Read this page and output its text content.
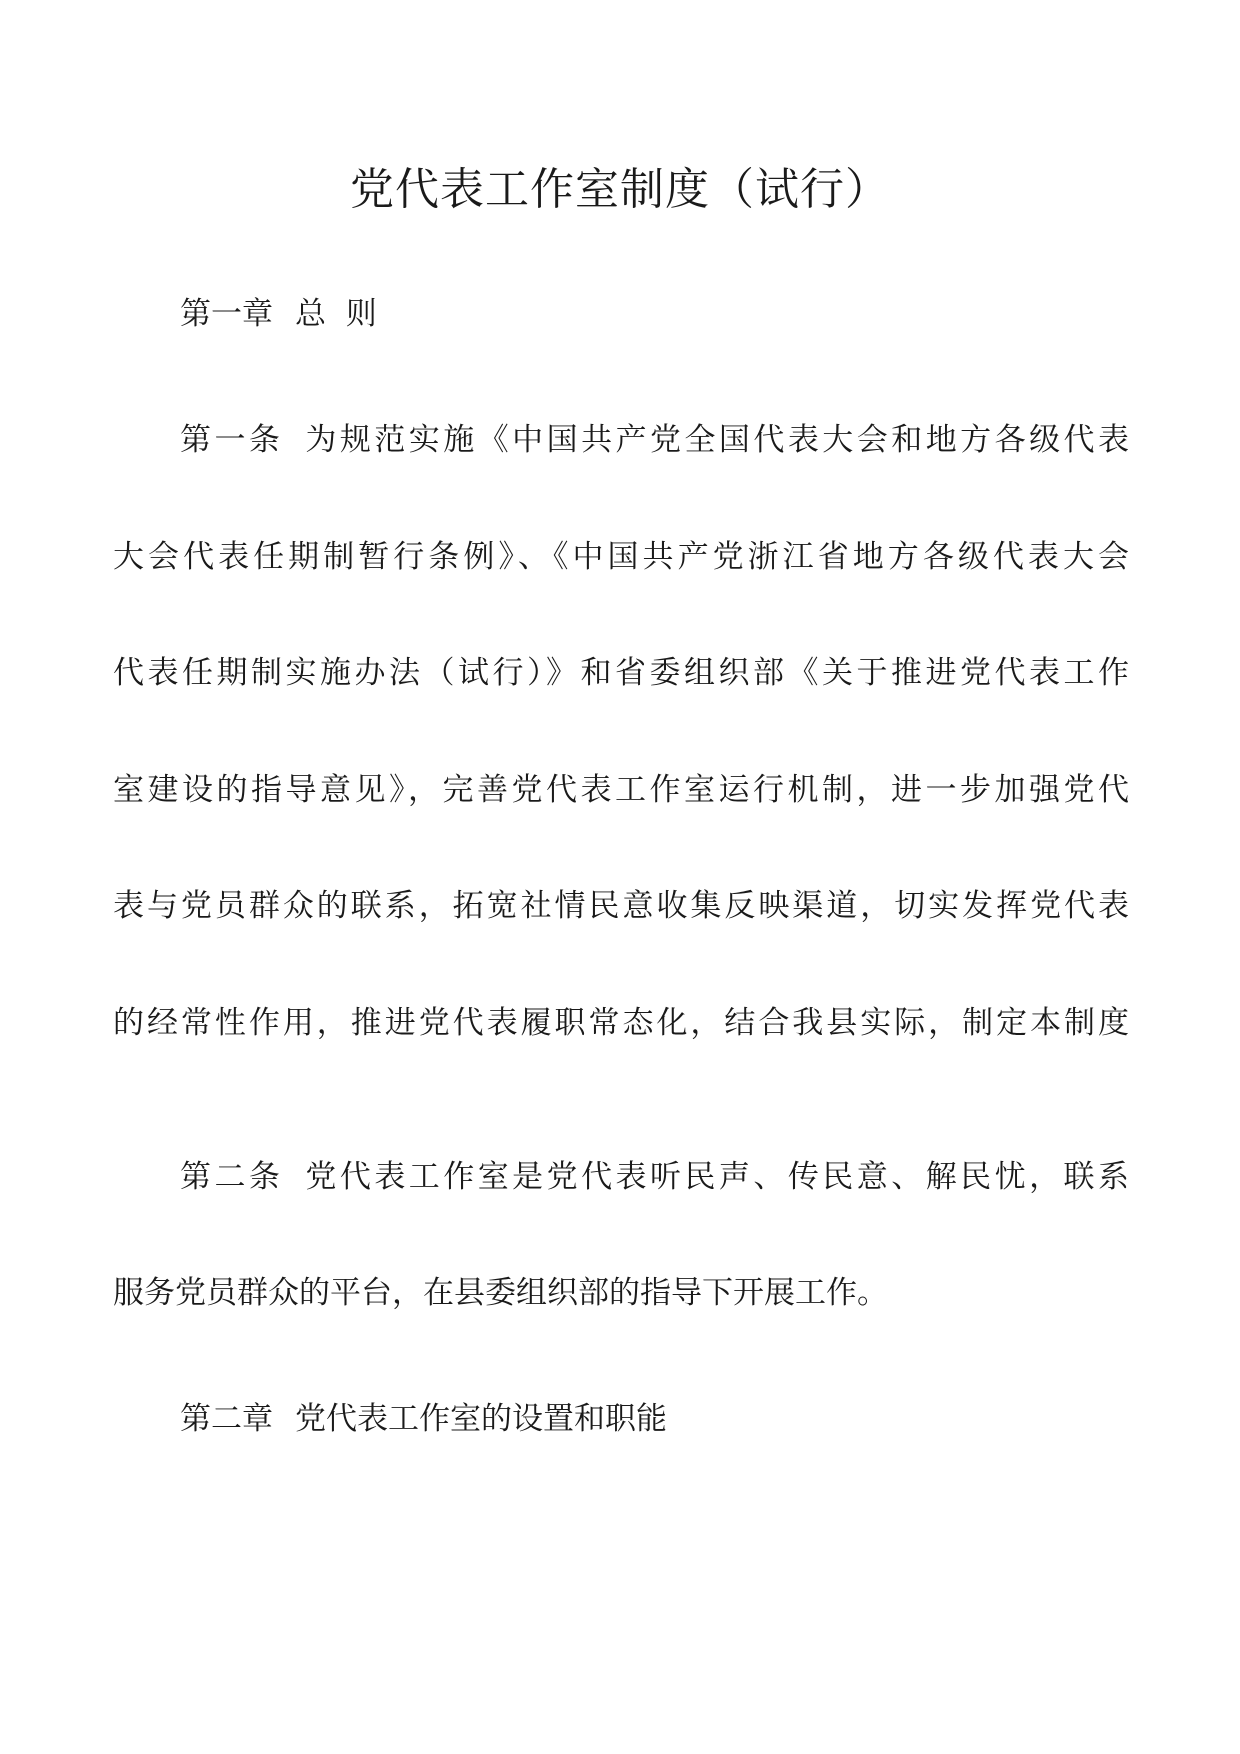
党代表工作室制度（试行）
第一章 总  则
第一条 为规范实施《中国共产党全国代表大会和地方各级代表
大会代表任期制暂行条例》、《中国共产党浙江省地方各级代表大会
代表任期制实施办法（试行）》和省委组织部《关于推进党代表工作
室建设的指导意见》，完善党代表工作室运行机制，进一步加强党代
表与党员群众的联系，拓宽社情民意收集反映渠道，切实发挥党代表
的经常性作用，推进党代表履职常态化，结合我县实际，制定本制度
第二条 党代表工作室是党代表听民声、传民意、解民忧，联系
服务党员群众的平台，在县委组织部的指导下开展工作。
第二章 党代表工作室的设置和职能
